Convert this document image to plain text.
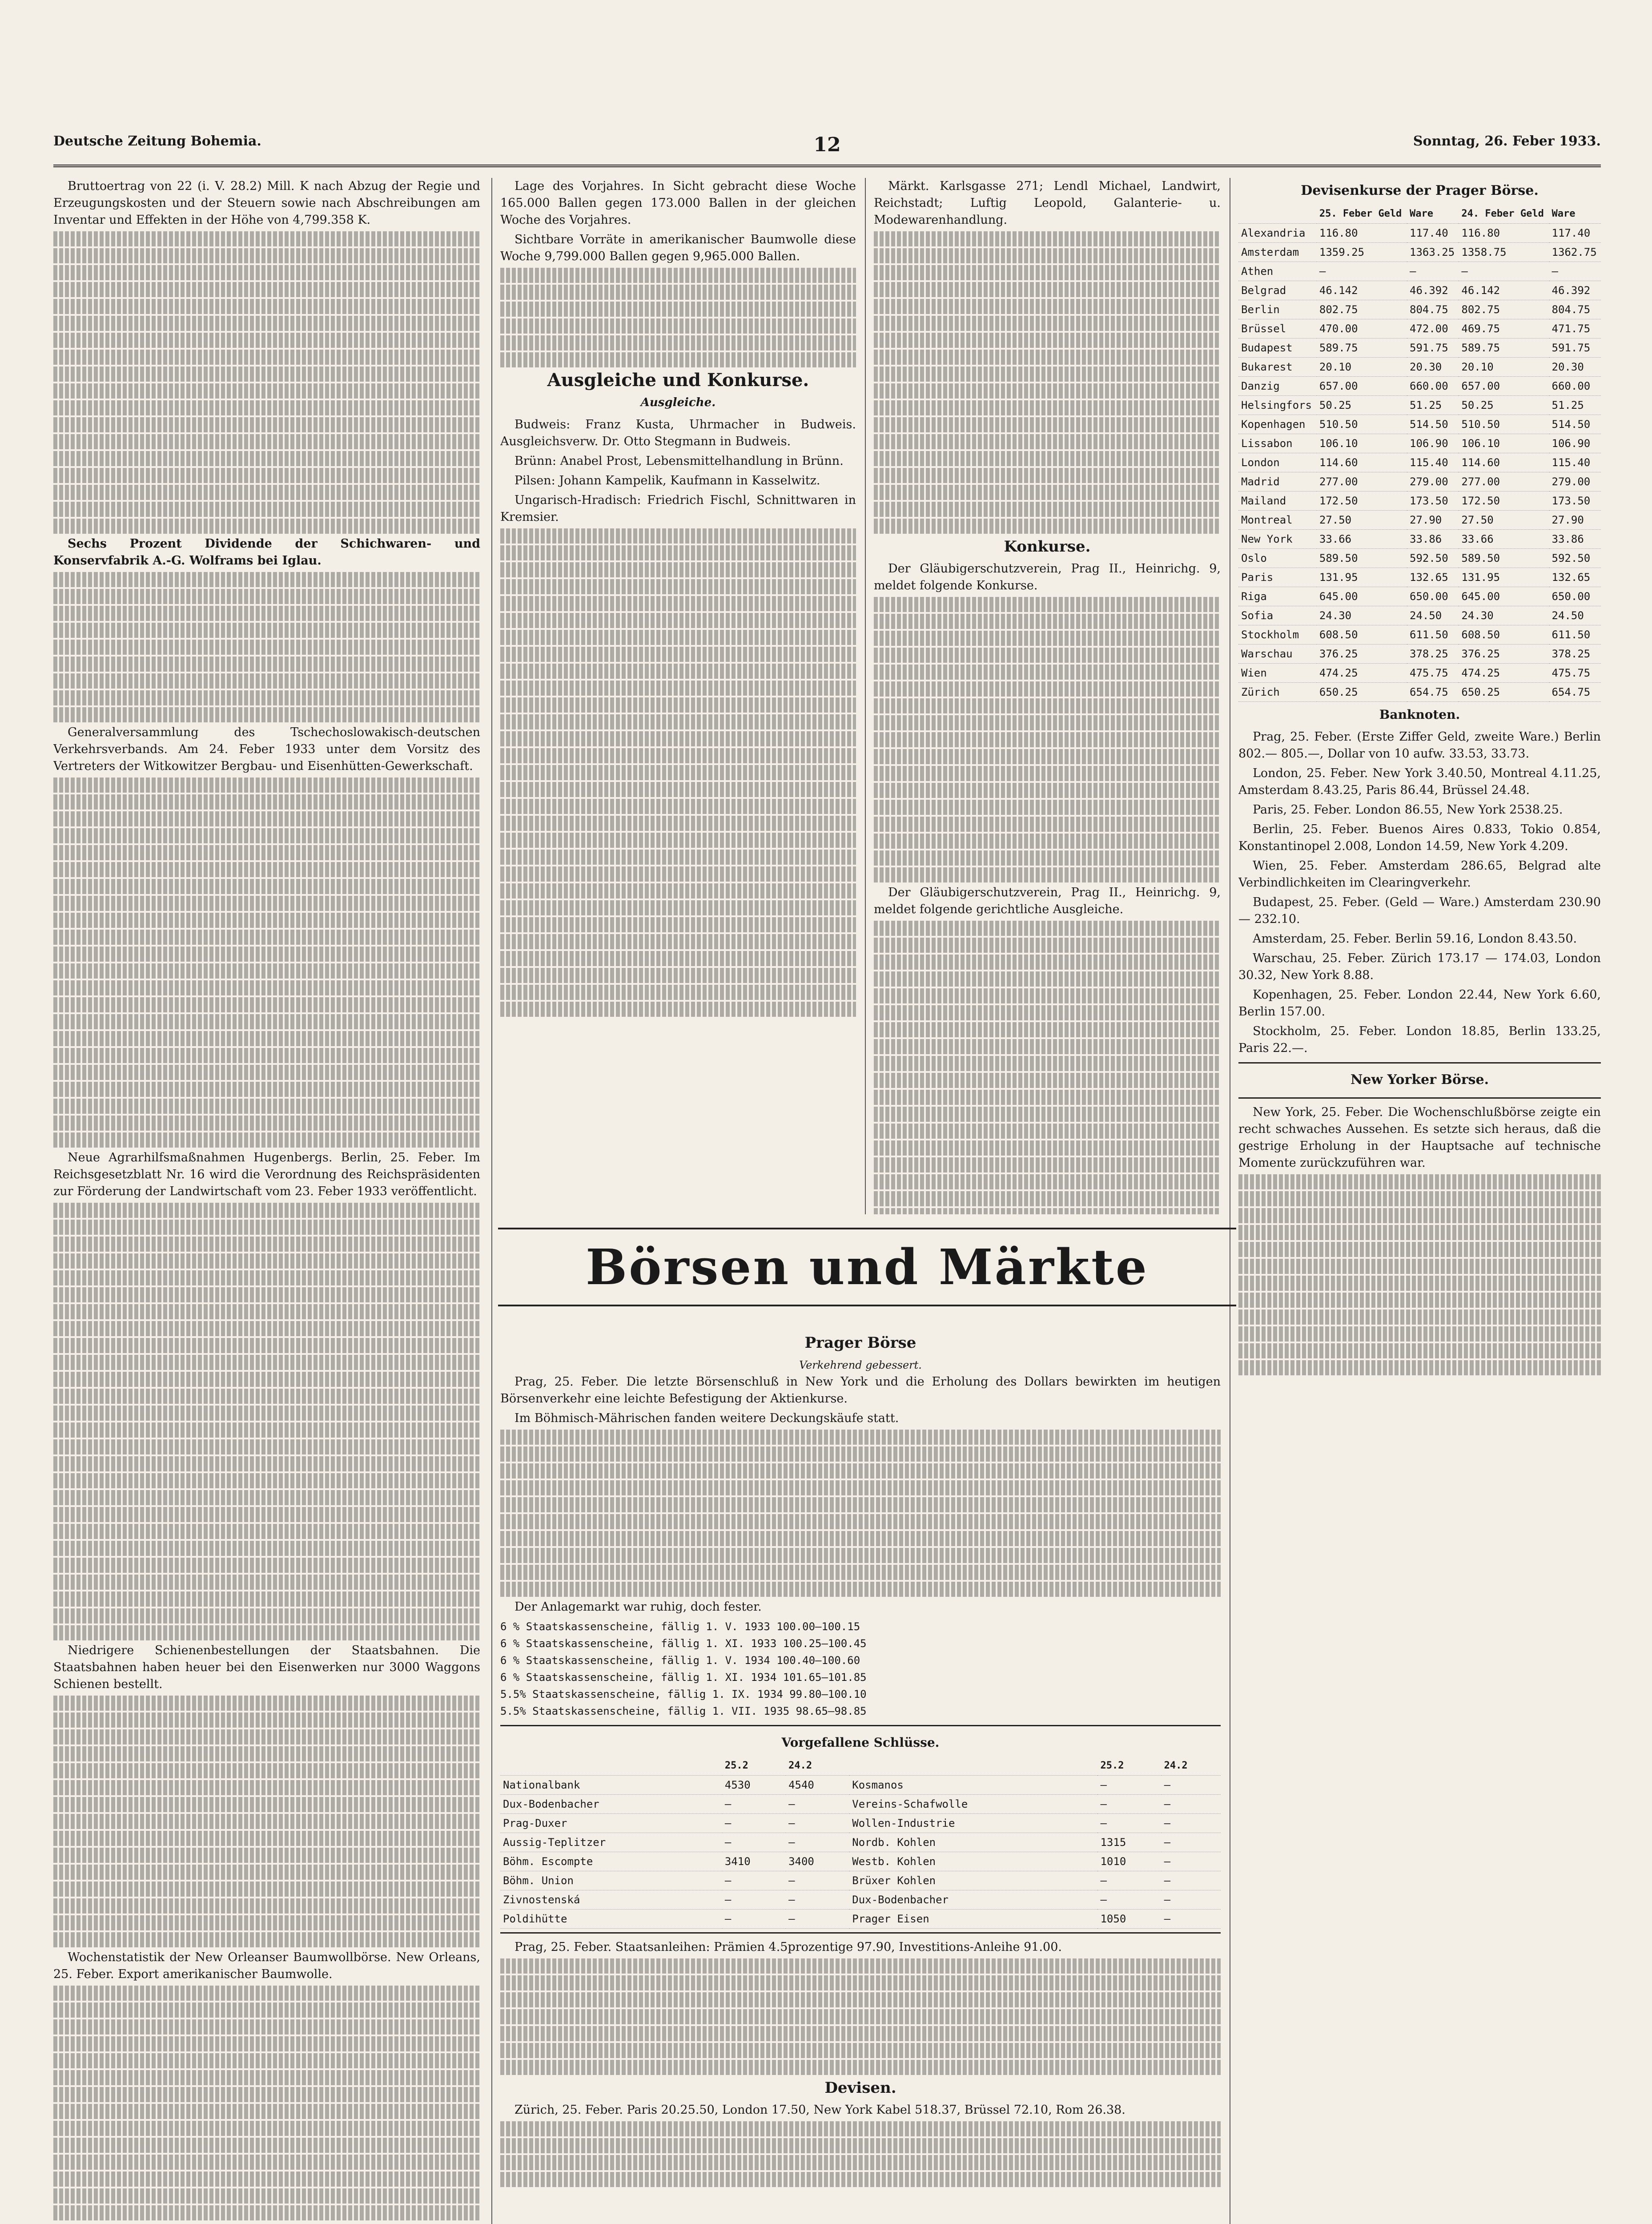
Deutsche Zeitung Bohemia.	12	Sonntag, 26. Feber 1933.

Bruttoertrag von 22 (i. V. 28.2) Mill. K nach Abzug der Regie und Erzeugungskosten und der Steuern sowie nach Abschreibungen am Inventar und Effekten in der Höhe von 4,799.358 K.

Sechs Prozent Dividende der Schichwaren- und Konservfabrik A.-G. Wolframs bei Iglau.

Generalversammlung des Tschechoslowakisch-deutschen Verkehrsverbands. Am 24. Feber 1933 unter dem Vorsitz des Vertreters der Witkowitzer Bergbau- und Eisenhütten-Gewerkschaft.

Neue Agrarhilfsmaßnahmen Hugenbergs. Berlin, 25. Feber. Im Reichsgesetzblatt Nr. 16 wird die Verordnung des Reichspräsidenten zur Förderung der Landwirtschaft vom 23. Feber 1933 veröffentlicht.

Niedrigere Schienenbestellungen der Staatsbahnen. Die Staatsbahnen haben heuer bei den Eisenwerken nur 3000 Waggons Schienen bestellt.

Wochenstatistik der New Orleanser Baumwollbörse. New Orleans, 25. Feber. Export amerikanischer Baumwolle.

Lage des Vorjahres. In Sicht gebracht diese Woche 165.000 Ballen gegen 173.000 Ballen in der gleichen Woche des Vorjahres.

Sichtbare Vorräte in amerikanischer Baumwolle diese Woche 9,799.000 Ballen gegen 9,965.000 Ballen.

Ausgleiche und Konkurse.
Ausgleiche.

Budweis: Franz Kusta, Uhrmacher in Budweis. Ausgleichsverw. Dr. Otto Stegmann in Budweis.

Brünn: Anabel Prost, Lebensmittelhandlung in Brünn.

Pilsen: Johann Kampelik, Kaufmann in Kasselwitz.

Ungarisch-Hradisch: Friedrich Fischl, Schnittwaren in Kremsier.

Märkt. Karlsgasse 271; Lendl Michael, Landwirt, Reichstadt; Luftig Leopold, Galanterie- u. Modewarenhandlung.

Konkurse.

Der Gläubigerschutzverein, Prag II., Heinrichg. 9, meldet folgende Konkurse.

Der Gläubigerschutzverein, Prag II., Heinrichg. 9, meldet folgende gerichtliche Ausgleiche.

Börsen und Märkte
Prager Börse
Verkehrend gebessert.

Prag, 25. Feber. Die letzte Börsenschluß in New York und die Erholung des Dollars bewirkten im heutigen Börsenverkehr eine leichte Befestigung der Aktienkurse.

Im Böhmisch-Mährischen fanden weitere Deckungskäufe statt.

Der Anlagemarkt war ruhig, doch fester.

6 % Staatskassenscheine, fällig 1. V. 1933 100.00—100.15
6 % Staatskassenscheine, fällig 1. XI. 1933 100.25—100.45
6 % Staatskassenscheine, fällig 1. V. 1934 100.40—100.60
6 % Staatskassenscheine, fällig 1. XI. 1934 101.65—101.85
5.5% Staatskassenscheine, fällig 1. IX. 1934 99.80—100.10
5.5% Staatskassenscheine, fällig 1. VII. 1935 98.65—98.85
Vorgefallene Schlüsse.
	25.2	24.2		25.2	24.2
Nationalbank	4530	4540	Kosmanos	—	—
Dux-Bodenbacher	—	—	Vereins-Schafwolle	—	—
Prag-Duxer	—	—	Wollen-Industrie	—	—
Aussig-Teplitzer	—	—	Nordb. Kohlen	1315	—
Böhm. Escompte	3410	3400	Westb. Kohlen	1010	—
Böhm. Union	—	—	Brüxer Kohlen	—	—
Zivnostenská	—	—	Dux-Bodenbacher	—	—
Poldihütte	—	—	Prager Eisen	1050	—

Prag, 25. Feber. Staatsanleihen: Prämien 4.5prozentige 97.90, Investitions-Anleihe 91.00.

Devisen.

Zürich, 25. Feber. Paris 20.25.50, London 17.50, New York Kabel 518.37, Brüssel 72.10, Rom 26.38.

Devisenkurse der Prager Börse.
	25. Feber Geld	Ware	24. Feber Geld	Ware
Alexandria	116.80	117.40	116.80	117.40
Amsterdam	1359.25	1363.25	1358.75	1362.75
Athen	—	—	—	—
Belgrad	46.142	46.392	46.142	46.392
Berlin	802.75	804.75	802.75	804.75
Brüssel	470.00	472.00	469.75	471.75
Budapest	589.75	591.75	589.75	591.75
Bukarest	20.10	20.30	20.10	20.30
Danzig	657.00	660.00	657.00	660.00
Helsingfors	50.25	51.25	50.25	51.25
Kopenhagen	510.50	514.50	510.50	514.50
Lissabon	106.10	106.90	106.10	106.90
London	114.60	115.40	114.60	115.40
Madrid	277.00	279.00	277.00	279.00
Mailand	172.50	173.50	172.50	173.50
Montreal	27.50	27.90	27.50	27.90
New York	33.66	33.86	33.66	33.86
Oslo	589.50	592.50	589.50	592.50
Paris	131.95	132.65	131.95	132.65
Riga	645.00	650.00	645.00	650.00
Sofia	24.30	24.50	24.30	24.50
Stockholm	608.50	611.50	608.50	611.50
Warschau	376.25	378.25	376.25	378.25
Wien	474.25	475.75	474.25	475.75
Zürich	650.25	654.75	650.25	654.75
Banknoten.

Prag, 25. Feber. (Erste Ziffer Geld, zweite Ware.) Berlin 802.— 805.—, Dollar von 10 aufw. 33.53, 33.73.

London, 25. Feber. New York 3.40.50, Montreal 4.11.25, Amsterdam 8.43.25, Paris 86.44, Brüssel 24.48.

Paris, 25. Feber. London 86.55, New York 2538.25.

Berlin, 25. Feber. Buenos Aires 0.833, Tokio 0.854, Konstantinopel 2.008, London 14.59, New York 4.209.

Wien, 25. Feber. Amsterdam 286.65, Belgrad alte Verbindlichkeiten im Clearingverkehr.

Budapest, 25. Feber. (Geld — Ware.) Amsterdam 230.90 — 232.10.

Amsterdam, 25. Feber. Berlin 59.16, London 8.43.50.

Warschau, 25. Feber. Zürich 173.17 — 174.03, London 30.32, New York 8.88.

Kopenhagen, 25. Feber. London 22.44, New York 6.60, Berlin 157.00.

Stockholm, 25. Feber. London 18.85, Berlin 133.25, Paris 22.—.

New Yorker Börse.

New York, 25. Feber. Die Wochenschlußbörse zeigte ein recht schwaches Aussehen. Es setzte sich heraus, daß die gestrige Erholung in der Hauptsache auf technische Momente zurückzuführen war.
